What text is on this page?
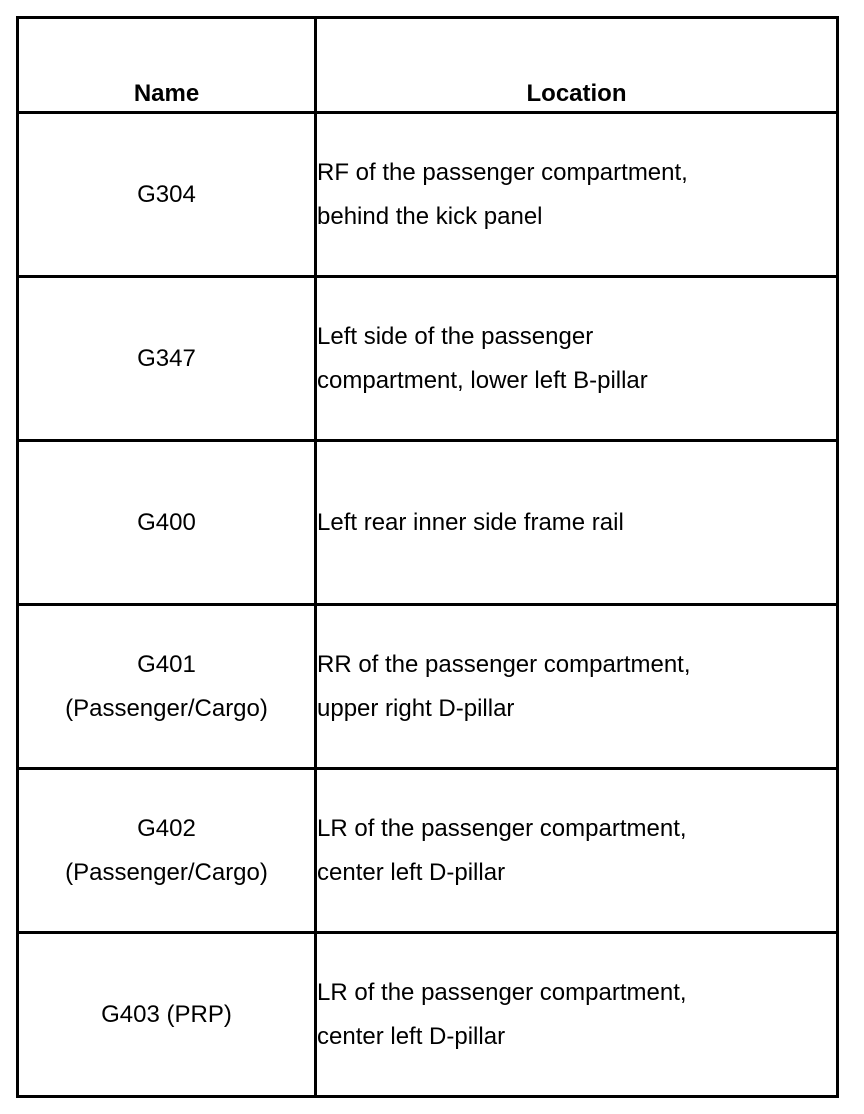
Name	Location

G304	RF of the passenger compartment,
behind the kick panel

G347	Left side of the passenger
compartment, lower left B-pillar

G400	Left rear inner side frame rail

G401
(Passenger/Cargo)	RR of the passenger compartment,
upper right D-pillar

G402
(Passenger/Cargo)	LR of the passenger compartment,
center left D-pillar

G403 (PRP)	LR of the passenger compartment,
center left D-pillar
